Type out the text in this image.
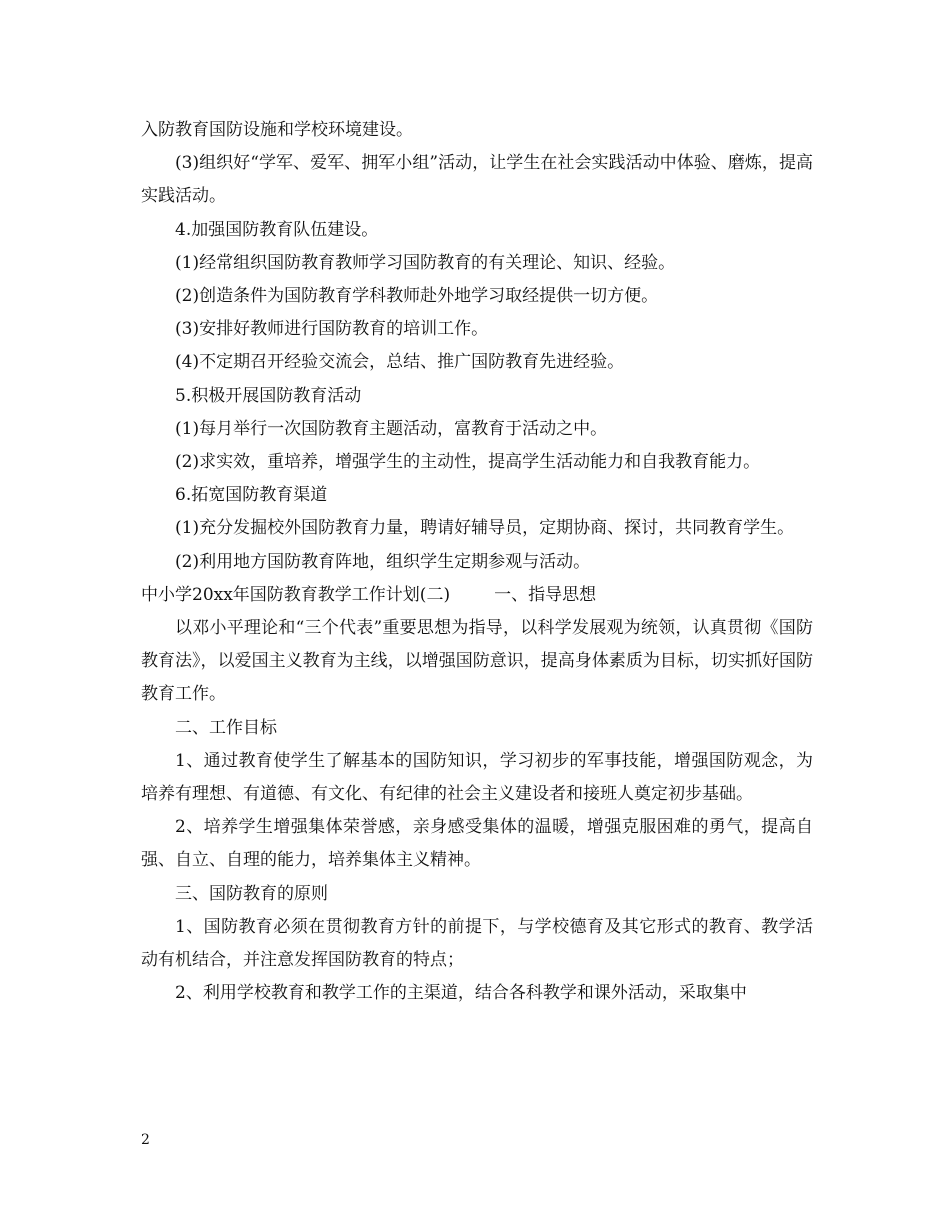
入防教育国防设施和学校环境建设。

(3)组织好“学军、爱军、拥军小组”活动，让学生在社会实践活动中体验、磨炼，提高实践活动。

4.加强国防教育队伍建设。

(1)经常组织国防教育教师学习国防教育的有关理论、知识、经验。

(2)创造条件为国防教育学科教师赴外地学习取经提供一切方便。

(3)安排好教师进行国防教育的培训工作。

(4)不定期召开经验交流会，总结、推广国防教育先进经验。

5.积极开展国防教育活动

(1)每月举行一次国防教育主题活动，富教育于活动之中。

(2)求实效，重培养，增强学生的主动性，提高学生活动能力和自我教育能力。

6.拓宽国防教育渠道

(1)充分发掘校外国防教育力量，聘请好辅导员，定期协商、探讨，共同教育学生。

(2)利用地方国防教育阵地，组织学生定期参观与活动。

中小学20xx年国防教育教学工作计划(二)	一、指导思想

以邓小平理论和“三个代表”重要思想为指导，以科学发展观为统领，认真贯彻《国防教育法》，以爱国主义教育为主线，以增强国防意识，提高身体素质为目标，切实抓好国防教育工作。

二、工作目标

1、通过教育使学生了解基本的国防知识，学习初步的军事技能，增强国防观念，为培养有理想、有道德、有文化、有纪律的社会主义建设者和接班人奠定初步基础。

2、培养学生增强集体荣誉感，亲身感受集体的温暖，增强克服困难的勇气，提高自强、自立、自理的能力，培养集体主义精神。

三、国防教育的原则

1、国防教育必须在贯彻教育方针的前提下，与学校德育及其它形式的教育、教学活动有机结合，并注意发挥国防教育的特点；

2、利用学校教育和教学工作的主渠道，结合各科教学和课外活动，采取集中

2
